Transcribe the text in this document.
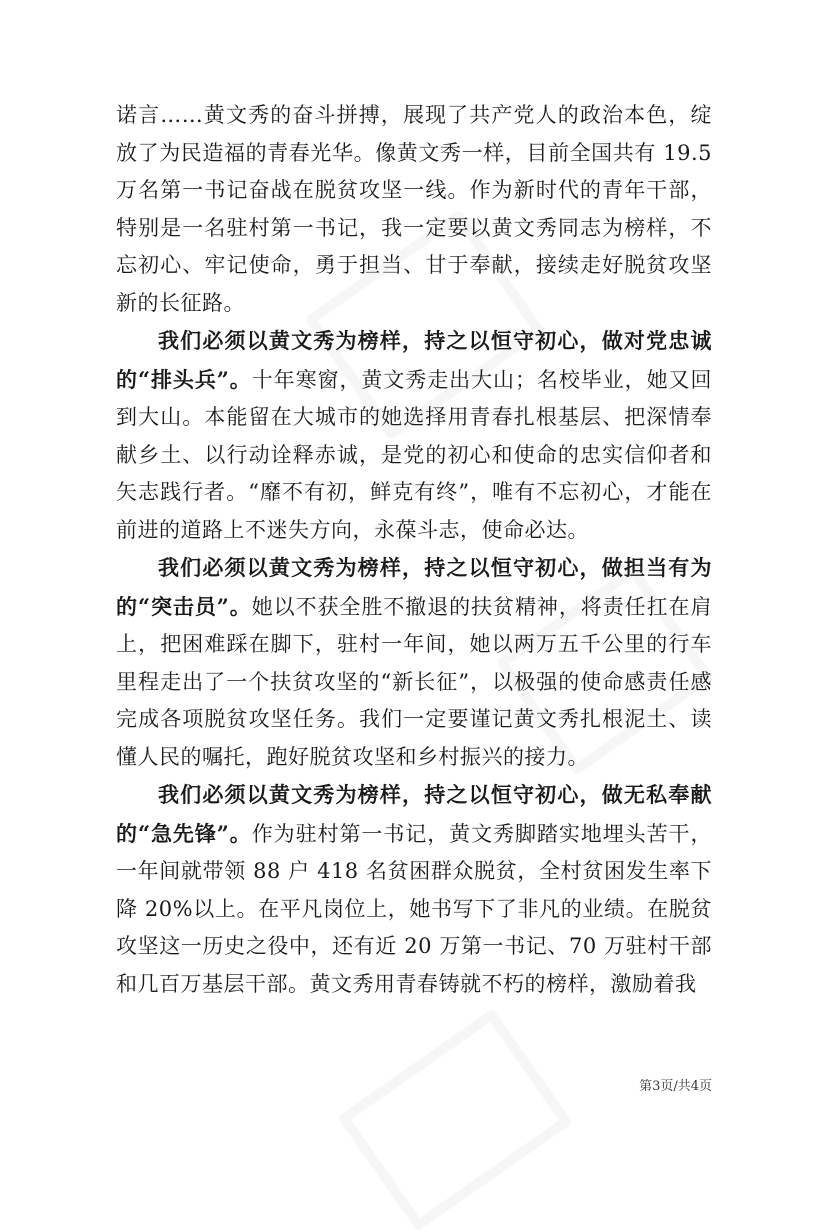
诺言……黄文秀的奋斗拼搏，展现了共产党人的政治本色，绽放了为民造福的青春光华。像黄文秀一样，目前全国共有 19.5 万名第一书记奋战在脱贫攻坚一线。作为新时代的青年干部，特别是一名驻村第一书记，我一定要以黄文秀同志为榜样，不忘初心、牢记使命，勇于担当、甘于奉献，接续走好脱贫攻坚新的长征路。

我们必须以黄文秀为榜样，持之以恒守初心，做对党忠诚的“排头兵”。十年寒窗，黄文秀走出大山；名校毕业，她又回到大山。本能留在大城市的她选择用青春扎根基层、把深情奉献乡土、以行动诠释赤诚，是党的初心和使命的忠实信仰者和矢志践行者。“靡不有初，鲜克有终”，唯有不忘初心，才能在前进的道路上不迷失方向，永葆斗志，使命必达。

我们必须以黄文秀为榜样，持之以恒守初心，做担当有为的“突击员”。她以不获全胜不撤退的扶贫精神，将责任扛在肩上，把困难踩在脚下，驻村一年间，她以两万五千公里的行车里程走出了一个扶贫攻坚的“新长征”，以极强的使命感责任感完成各项脱贫攻坚任务。我们一定要谨记黄文秀扎根泥土、读懂人民的嘱托，跑好脱贫攻坚和乡村振兴的接力。

我们必须以黄文秀为榜样，持之以恒守初心，做无私奉献的“急先锋”。作为驻村第一书记，黄文秀脚踏实地埋头苦干，一年间就带领 88 户 418 名贫困群众脱贫，全村贫困发生率下降 20%以上。在平凡岗位上，她书写下了非凡的业绩。在脱贫攻坚这一历史之役中，还有近 20 万第一书记、70 万驻村干部和几百万基层干部。黄文秀用青春铸就不朽的榜样，激励着我

第3页/共4页
